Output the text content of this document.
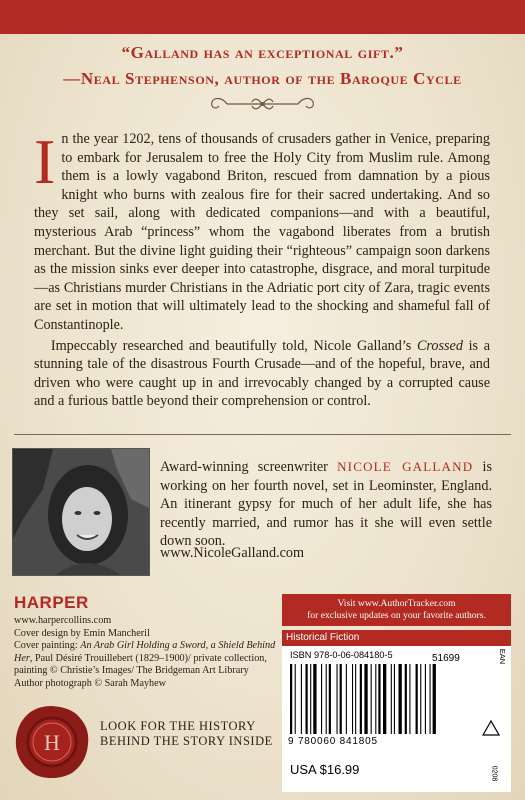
“Galland has an exceptional gift.”
—Neal Stephenson, author of the Baroque Cycle

In the year 1202, tens of thousands of crusaders gather in Venice, preparing to embark for Jerusalem to free the Holy City from Muslim rule. Among them is a lowly vagabond Briton, rescued from damnation by a pious knight who burns with zealous fire for their sacred undertaking. And so they set sail, along with dedicated companions—and with a beautiful, mysterious Arab “princess” whom the vagabond liberates from a brutish merchant. But the divine light guiding their “righteous” campaign soon darkens as the mission sinks ever deeper into catastrophe, disgrace, and moral turpitude—as Christians murder Christians in the Adriatic port city of Zara, tragic events are set in motion that will ultimately lead to the shocking and shameful fall of Constantinople.

Impeccably researched and beautifully told, Nicole Galland’s Crossed is a stunning tale of the disastrous Fourth Crusade—and of the hopeful, brave, and driven who were caught up in and irrevocably changed by a corrupted cause and a furious battle beyond their comprehension or control.

Award-winning screenwriter NICOLE GALLAND is working on her fourth novel, set in Leominster, England. An itinerant gypsy for much of her adult life, she has recently married, and rumor has it she will even settle down soon.
www.NicoleGalland.com
HARPER
www.harpercollins.com
Cover design by Emin Mancheril
Cover painting: An Arab Girl Holding a Sword, a Shield Behind Her, Paul Désiré Trouillebert (1829–1900)/ private collection, painting © Christie’s Images/ The Bridgeman Art Library
Author photograph © Sarah Mayhew
Visit www.AuthorTracker.com
for exclusive updates on your favorite authors.
Historical Fiction
ISBN 978-0-06-084180-5	51699	EAN
9 780060 841805
USA $16.99	0208
H
LOOK FOR THE HISTORY BEHIND THE STORY INSIDE
